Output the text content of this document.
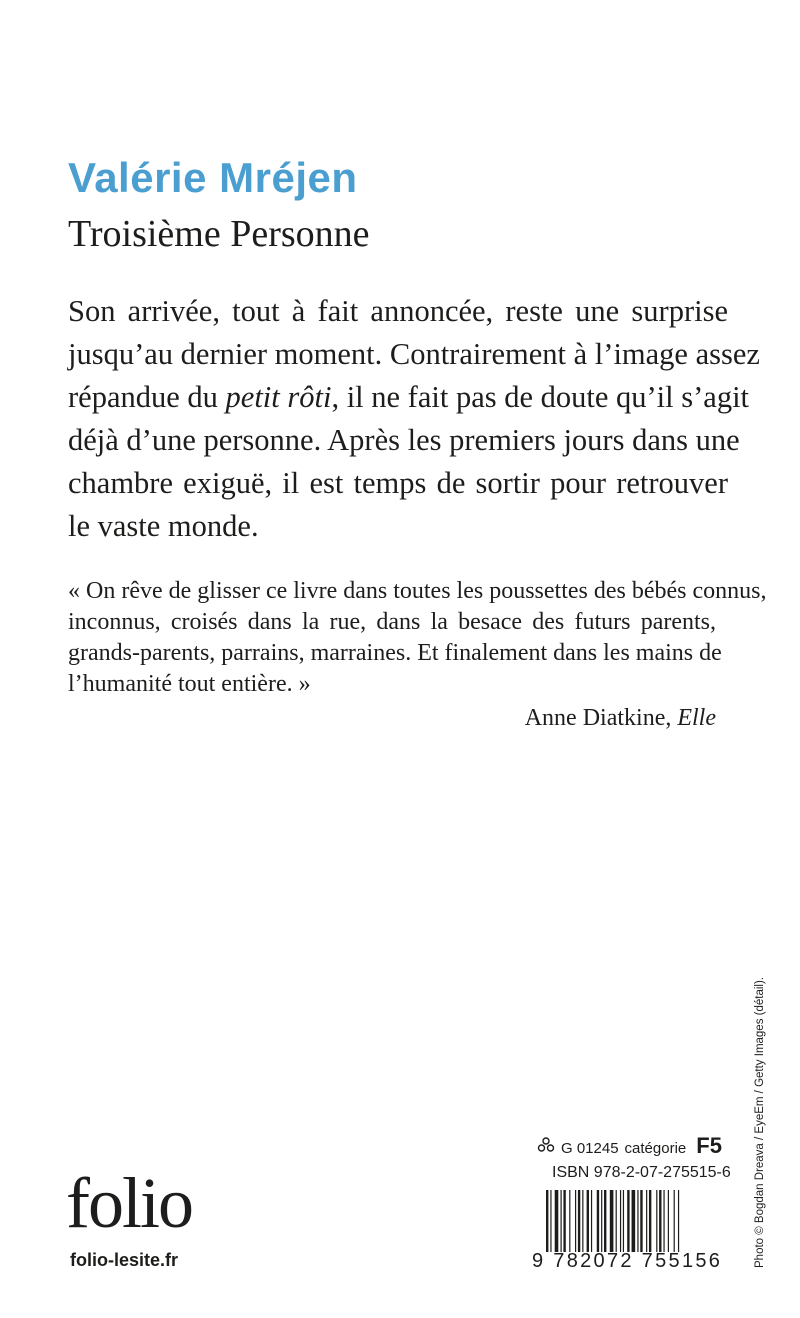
Valérie Mréjen
Troisième Personne
Son arrivée, tout à fait annoncée, reste une surprise
jusqu’au dernier moment. Contrairement à l’image assez
répandue du petit rôti, il ne fait pas de doute qu’il s’agit
déjà d’une personne. Après les premiers jours dans une
chambre exiguë, il est temps de sortir pour retrouver
le vaste monde.
« On rêve de glisser ce livre dans toutes les poussettes des bébés connus,
inconnus, croisés dans la rue, dans la besace des futurs parents,
grands-parents, parrains, marraines. Et finalement dans les mains de
l’humanité tout entière. »
Anne Diatkine, Elle
Photo © Bogdan Dreava / EyeEm / Getty Images (détail).
G 01245 catégorie F5
ISBN 978-2-07-275515-6
9 782072 755156
folio
folio-lesite.fr
